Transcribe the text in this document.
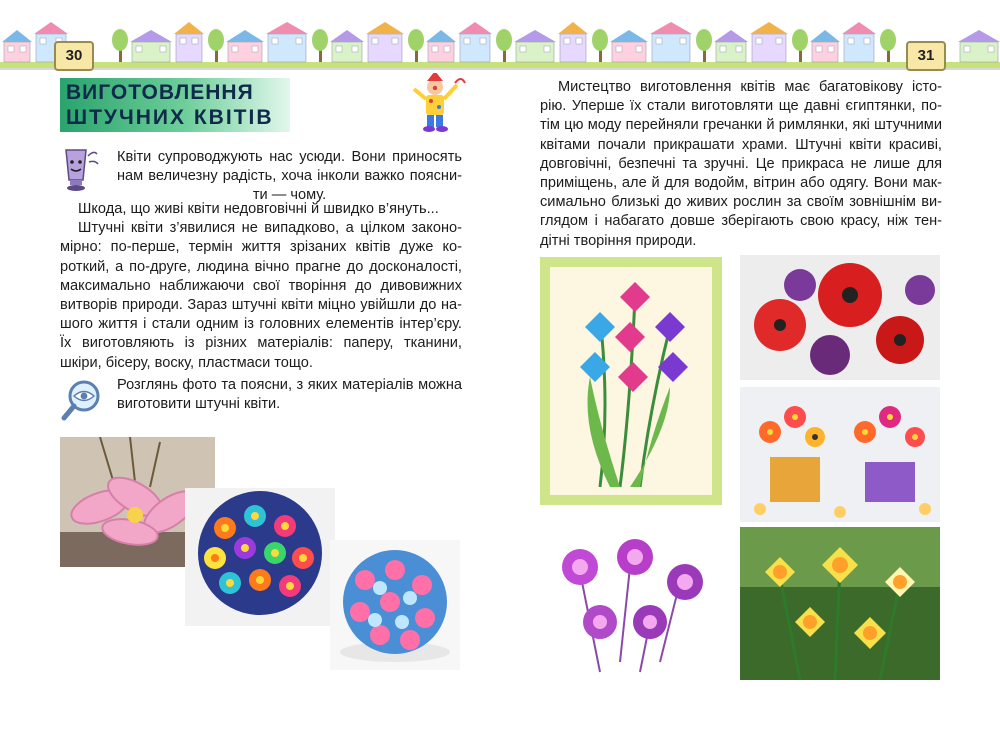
30	31
ВИГОТОВЛЕННЯ
ШТУЧНИХ КВІТІВ
Квіти супроводжують нас усюди. Вони приносять
нам величезну радість, хоча інколи важко поясни-
ти — чому.
Шкода, що живі квіти недовговічні й швидко в’януть...
Штучні квіти з’явилися не випадково, а цілком законо-
мірно: по-перше, термін життя зрізаних квітів дуже ко-
роткий, а по-друге, людина вічно прагне до досконалості,
максимально наближаючи свої творіння до дивовижних
витворів природи. Зараз штучні квіти міцно увійшли до на-
шого життя і стали одним із головних елементів інтер’єру.
Їх виготовляють із різних матеріалів: паперу, тканини,
шкіри, бісеру, воску, пластмаси тощо.
Розглянь фото та поясни, з яких матеріалів можна
виготовити штучні квіти.
Мистецтво виготовлення квітів має багатовікову істо-
рію. Уперше їх стали виготовляти ще давні єгиптянки, по-
тім цю моду перейняли гречанки й римлянки, які штучними
квітами почали прикрашати храми. Штучні квіти красиві,
довговічні, безпечні та зручні. Це прикраса не лише для
приміщень, але й для водойм, вітрин або одягу. Вони мак-
симально близькі до живих рослин за своїм зовнішнім ви-
глядом і набагато довше зберігають свою красу, ніж тен-
дітні творіння природи.
